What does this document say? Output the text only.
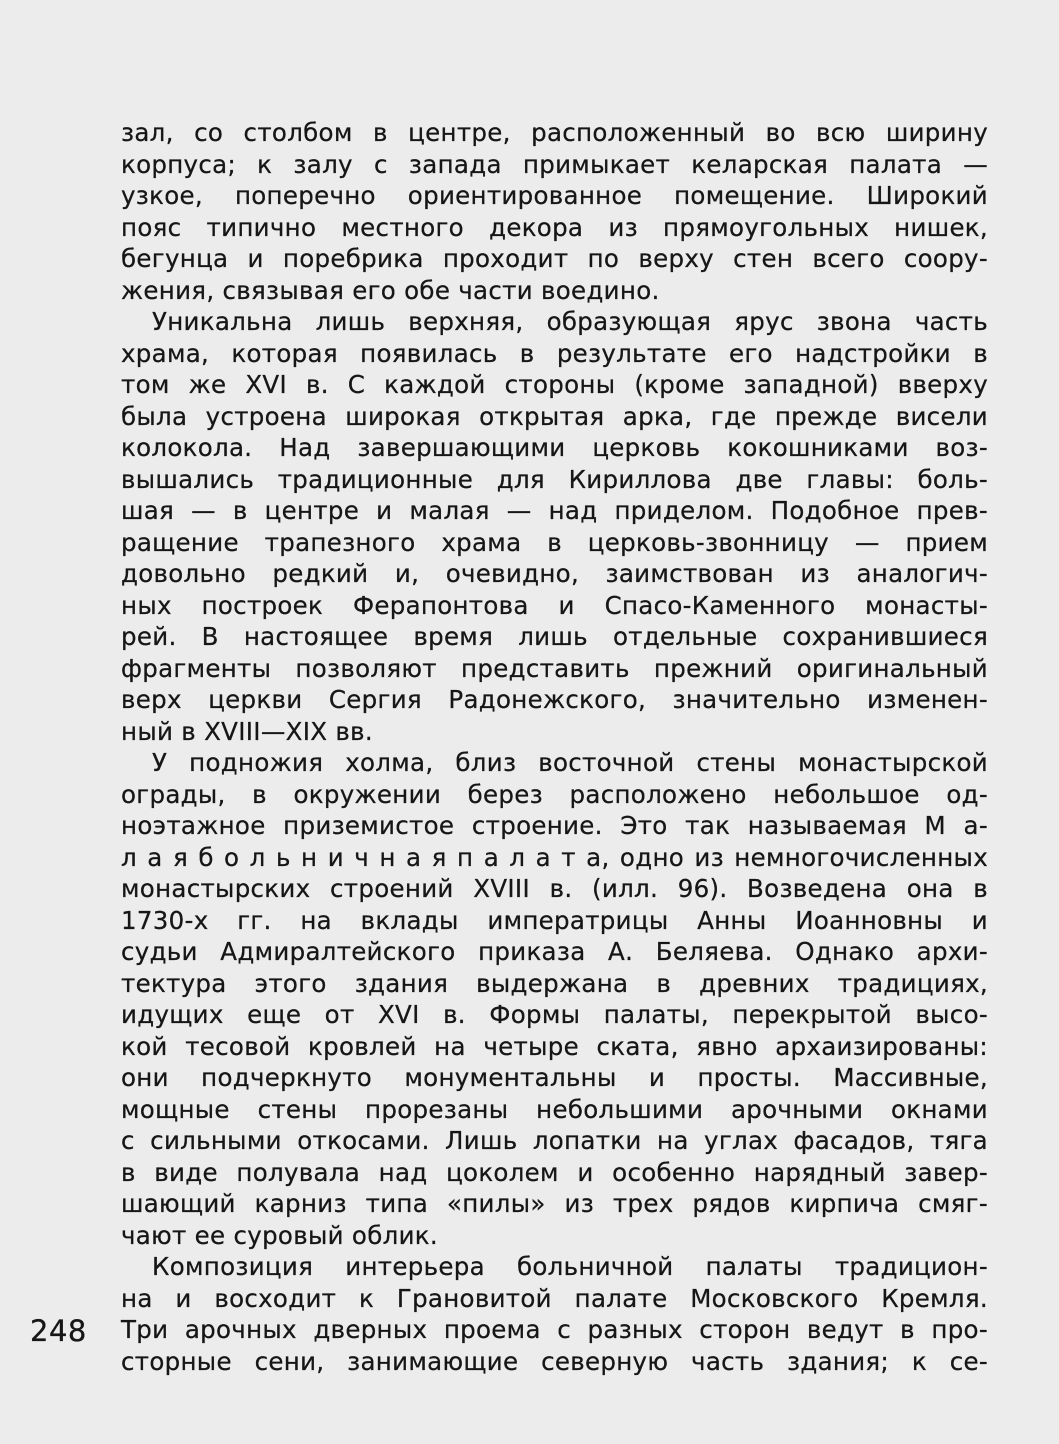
зал, со столбом в центре, расположенный во всю ширину
корпуса; к залу с запада примыкает келарская палата —
узкое, поперечно ориентированное помещение. Широкий
пояс типично местного декора из прямоугольных нишек,
бегунца и поребрика проходит по верху стен всего соору-
жения, связывая его обе части воедино.
Уникальна лишь верхняя, образующая ярус звона часть
храма, которая появилась в результате его надстройки в
том же XVI в. С каждой стороны (кроме западной) вверху
была устроена широкая открытая арка, где прежде висели
колокола. Над завершающими церковь кокошниками воз-
вышались традиционные для Кириллова две главы: боль-
шая — в центре и малая — над приделом. Подобное прев-
ращение трапезного храма в церковь-звонницу — прием
довольно редкий и, очевидно, заимствован из аналогич-
ных построек Ферапонтова и Спасо-Каменного монасты-
рей. В настоящее время лишь отдельные сохранившиеся
фрагменты позволяют представить прежний оригинальный
верх церкви Сергия Радонежского, значительно изменен-
ный в XVIII—XIX вв.
У подножия холма, близ восточной стены монастырской
ограды, в окружении берез расположено небольшое од-
ноэтажное приземистое строение. Это так называемая М а-
л а я б о л ь н и ч н а я п а л а т а, одно из немногочисленных
монастырских строений XVIII в. (илл. 96). Возведена она в
1730-х гг. на вклады императрицы Анны Иоанновны и
судьи Адмиралтейского приказа А. Беляева. Однако архи-
тектура этого здания выдержана в древних традициях,
идущих еще от XVI в. Формы палаты, перекрытой высо-
кой тесовой кровлей на четыре ската, явно архаизированы:
они подчеркнуто монументальны и просты. Массивные,
мощные стены прорезаны небольшими арочными окнами
с сильными откосами. Лишь лопатки на углах фасадов, тяга
в виде полувала над цоколем и особенно нарядный завер-
шающий карниз типа «пилы» из трех рядов кирпича смяг-
чают ее суровый облик.
Композиция интерьера больничной палаты традицион-
на и восходит к Грановитой палате Московского Кремля.
Три арочных дверных проема с разных сторон ведут в про-
сторные сени, занимающие северную часть здания; к се-
248
